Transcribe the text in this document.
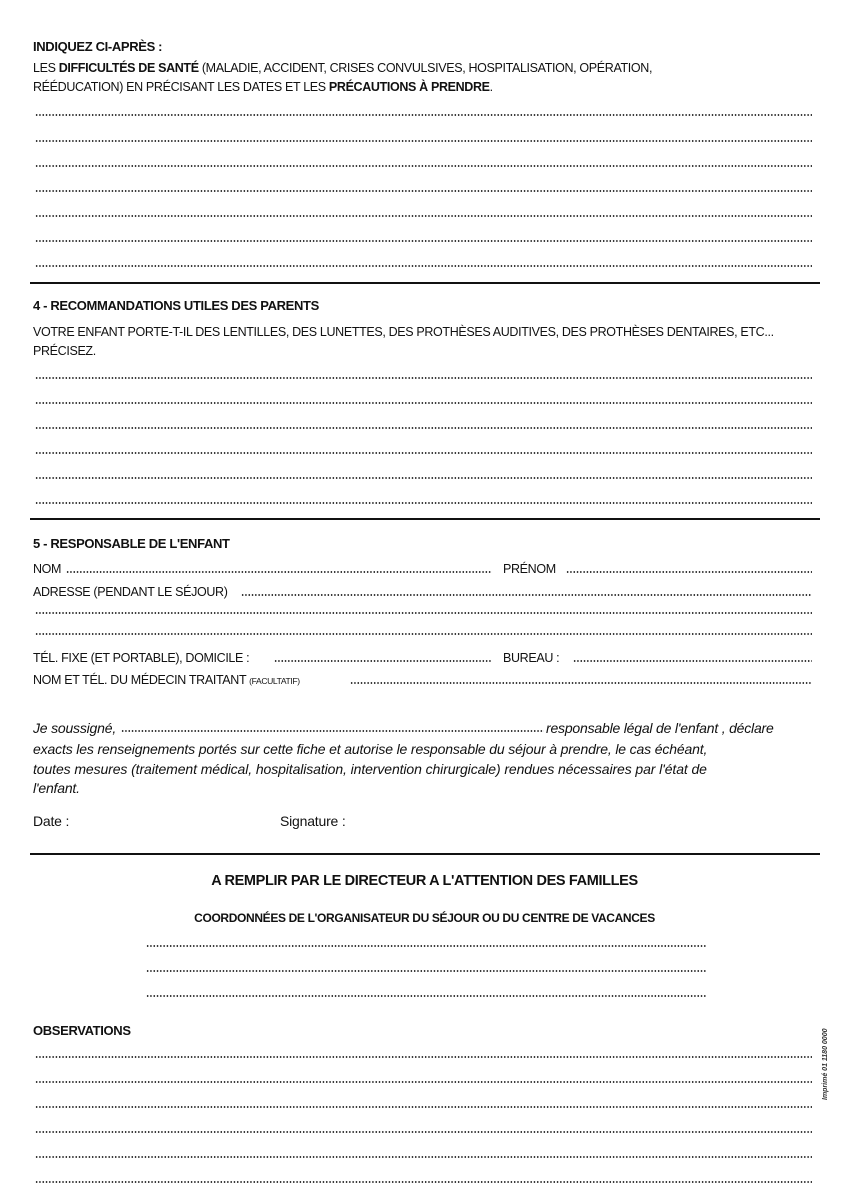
INDIQUEZ CI-APRÈS :
LES DIFFICULTÉS DE SANTÉ (MALADIE, ACCIDENT, CRISES CONVULSIVES, HOSPITALISATION, OPÉRATION,
RÉÉDUCATION) EN PRÉCISANT LES DATES ET LES PRÉCAUTIONS À PRENDRE.
4 - RECOMMANDATIONS UTILES DES PARENTS
VOTRE ENFANT PORTE-T-IL DES LENTILLES, DES LUNETTES, DES PROTHÈSES AUDITIVES, DES PROTHÈSES DENTAIRES, ETC...
PRÉCISEZ.
5 - RESPONSABLE DE L'ENFANT
NOM	PRÉNOM
ADRESSE (PENDANT LE SÉJOUR)
TÉL. FIXE (ET PORTABLE), DOMICILE :	BUREAU :
NOM ET TÉL. DU MÉDECIN TRAITANT (FACULTATIF)
Je soussigné,	responsable légal de l'enfant , déclare
exacts les renseignements portés sur cette fiche et autorise le responsable du séjour à prendre, le cas échéant,
toutes mesures (traitement médical, hospitalisation, intervention chirurgicale) rendues nécessaires par l'état de
l'enfant.
Date :	Signature :
A REMPLIR PAR LE DIRECTEUR A L'ATTENTION DES FAMILLES
COORDONNÉES DE L'ORGANISATEUR DU SÉJOUR OU DU CENTRE DE VACANCES
OBSERVATIONS	Imprimé 01 1180 0000
